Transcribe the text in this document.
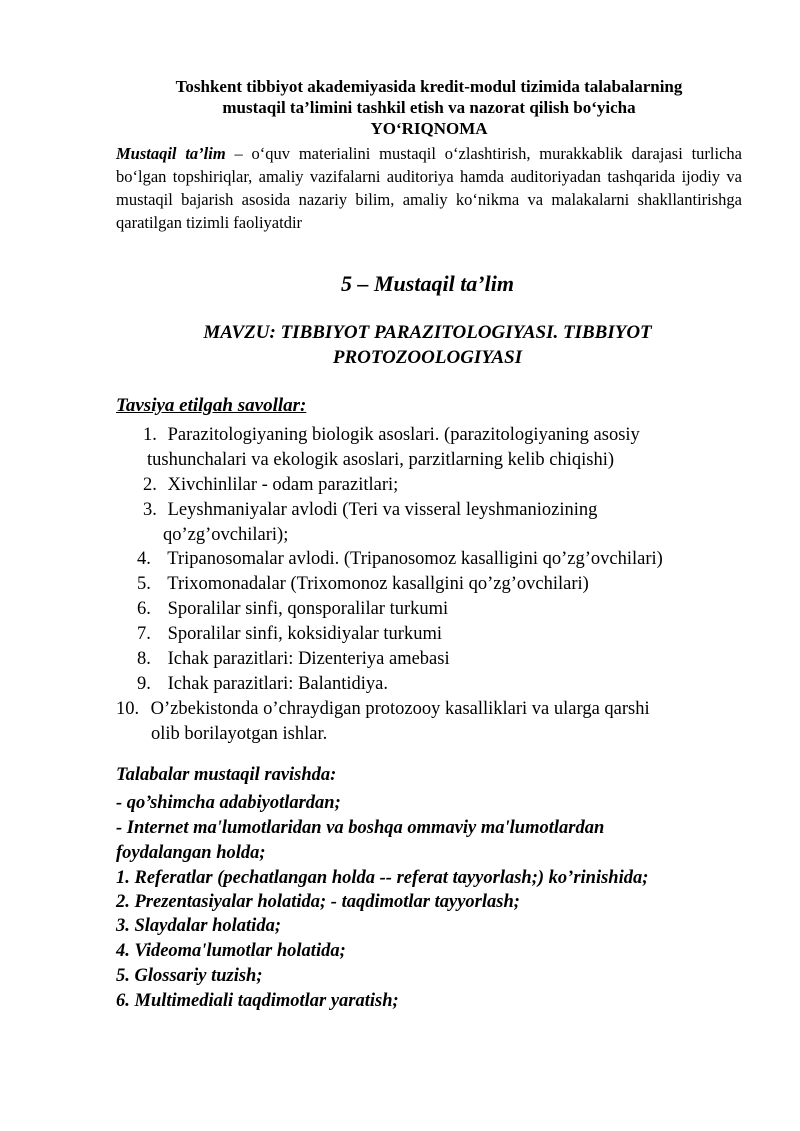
Toshkent tibbiyot akademiyasida kredit-modul tizimida talabalarning
mustaqil ta’limini tashkil etish va nazorat qilish bo‘yicha
YO‘RIQNOMA
Mustaqil ta’lim – o‘quv materialini mustaqil o‘zlashtirish, murakkablik darajasi turlicha bo‘lgan topshiriqlar, amaliy vazifalarni auditoriya hamda auditoriyadan tashqarida ijodiy va mustaqil bajarish asosida nazariy bilim, amaliy ko‘nikma va malakalarni shakllantirishga qaratilgan tizimli faoliyatdir
5 – Mustaqil ta’lim
MAVZU: TIBBIYOT PARAZITOLOGIYASI. TIBBIYOT
PROTOZOOLOGIYASI
Tavsiya etilgah savollar:
1. Parazitologiyaning biologik asoslari. (parazitologiyaning asosiy
tushunchalari va ekologik asoslari, parzitlarning kelib chiqishi)
2. Xivchinlilar - odam parazitlari;
3. Leyshmaniyalar avlodi (Teri va visseral leyshmaniozining
qo’zg’ovchilari);
4. Tripanosomalar avlodi. (Tripanosomoz kasalligini qo’zg’ovchilari)
5. Trixomonadalar (Trixomonoz kasallgini qo’zg’ovchilari)
6. Sporalilar sinfi, qonsporalilar turkumi
7. Sporalilar sinfi, koksidiyalar turkumi
8. Ichak parazitlari: Dizenteriya amebasi
9. Ichak parazitlari: Balantidiya.
10. O’zbekistonda o’chraydigan protozooy kasalliklari va ularga qarshi
olib borilayotgan ishlar.
Talabalar mustaqil ravishda:
- qo’shimcha adabiyotlardan;
- Internet ma'lumotlaridan va boshqa ommaviy ma'lumotlardan
foydalangan holda;
1. Referatlar (pechatlangan holda -- referat tayyorlash;) ko’rinishida;
2. Prezentasiyalar holatida; - taqdimotlar tayyorlash;
3. Slaydalar holatida;
4. Videoma'lumotlar holatida;
5. Glossariy tuzish;
6. Multimediali taqdimotlar yaratish;
